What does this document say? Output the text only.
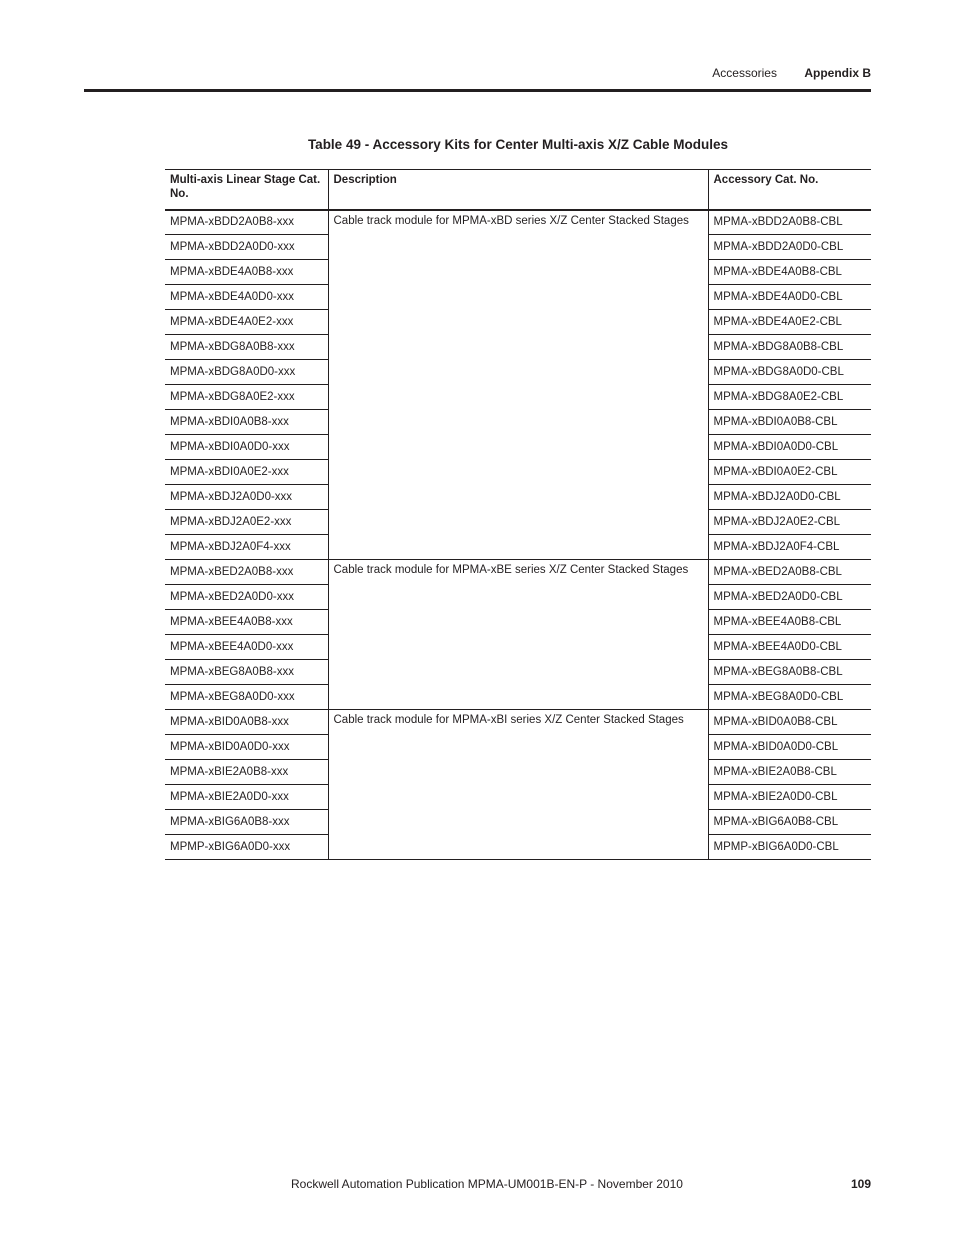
Accessories Appendix B
Table 49 - Accessory Kits for Center Multi-axis X/Z Cable Modules
Multi-axis Linear Stage Cat. No.	Description	Accessory Cat. No.
MPMA-xBDD2A0B8-xxx	Cable track module for MPMA-xBD series X/Z Center Stacked Stages	MPMA-xBDD2A0B8-CBL
MPMA-xBDD2A0D0-xxx		MPMA-xBDD2A0D0-CBL
MPMA-xBDE4A0B8-xxx		MPMA-xBDE4A0B8-CBL
MPMA-xBDE4A0D0-xxx		MPMA-xBDE4A0D0-CBL
MPMA-xBDE4A0E2-xxx		MPMA-xBDE4A0E2-CBL
MPMA-xBDG8A0B8-xxx		MPMA-xBDG8A0B8-CBL
MPMA-xBDG8A0D0-xxx		MPMA-xBDG8A0D0-CBL
MPMA-xBDG8A0E2-xxx		MPMA-xBDG8A0E2-CBL
MPMA-xBDI0A0B8-xxx		MPMA-xBDI0A0B8-CBL
MPMA-xBDI0A0D0-xxx		MPMA-xBDI0A0D0-CBL
MPMA-xBDI0A0E2-xxx		MPMA-xBDI0A0E2-CBL
MPMA-xBDJ2A0D0-xxx		MPMA-xBDJ2A0D0-CBL
MPMA-xBDJ2A0E2-xxx		MPMA-xBDJ2A0E2-CBL
MPMA-xBDJ2A0F4-xxx		MPMA-xBDJ2A0F4-CBL
MPMA-xBED2A0B8-xxx	Cable track module for MPMA-xBE series X/Z Center Stacked Stages	MPMA-xBED2A0B8-CBL
MPMA-xBED2A0D0-xxx		MPMA-xBED2A0D0-CBL
MPMA-xBEE4A0B8-xxx		MPMA-xBEE4A0B8-CBL
MPMA-xBEE4A0D0-xxx		MPMA-xBEE4A0D0-CBL
MPMA-xBEG8A0B8-xxx		MPMA-xBEG8A0B8-CBL
MPMA-xBEG8A0D0-xxx		MPMA-xBEG8A0D0-CBL
MPMA-xBID0A0B8-xxx	Cable track module for MPMA-xBI series X/Z Center Stacked Stages	MPMA-xBID0A0B8-CBL
MPMA-xBID0A0D0-xxx		MPMA-xBID0A0D0-CBL
MPMA-xBIE2A0B8-xxx		MPMA-xBIE2A0B8-CBL
MPMA-xBIE2A0D0-xxx		MPMA-xBIE2A0D0-CBL
MPMA-xBIG6A0B8-xxx		MPMA-xBIG6A0B8-CBL
MPMP-xBIG6A0D0-xxx		MPMP-xBIG6A0D0-CBL
Rockwell Automation Publication MPMA-UM001B-EN-P - November 2010	109
